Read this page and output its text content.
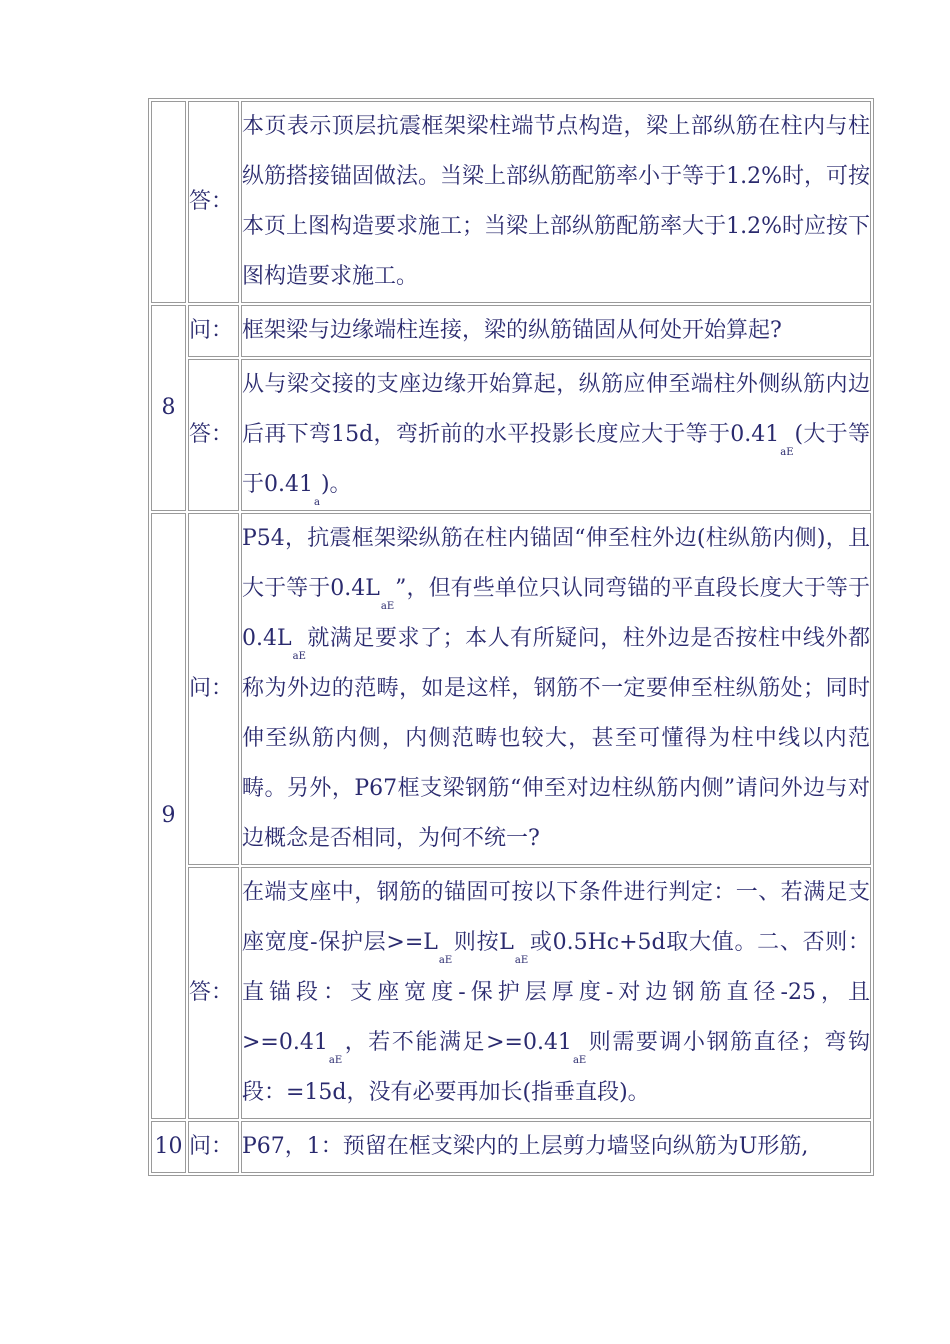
	答：	本页表示顶层抗震框架梁柱端节点构造，梁上部纵筋在柱内与柱纵筋搭接锚固做法。当梁上部纵筋配筋率小于等于1.2%时，可按本页上图构造要求施工；当梁上部纵筋配筋率大于1.2%时应按下图构造要求施工。
8	问：	框架梁与边缘端柱连接，梁的纵筋锚固从何处开始算起?
	答：	从与梁交接的支座边缘开始算起，纵筋应伸至端柱外侧纵筋内边后再下弯15d，弯折前的水平投影长度应大于等于$0.41_{aE}$(大于等于$0.41_a$)。
9	问：	P54，抗震框架梁纵筋在柱内锚固“伸至柱外边(柱纵筋内侧)，且大于等于$0.4L_{aE}$”，但有些单位只认同弯锚的平直段长度大于等于$0.4L_{aE}$就满足要求了；本人有所疑问，柱外边是否按柱中线外都称为外边的范畴，如是这样，钢筋不一定要伸至柱纵筋处；同时伸至纵筋内侧，内侧范畴也较大，甚至可懂得为柱中线以内范畴。另外，P67框支梁钢筋“伸至对边柱纵筋内侧”请问外边与对边概念是否相同，为何不统一?
	答：	在端支座中，钢筋的锚固可按以下条件进行判定：一、若满足支座宽度-保护层$>=L_{aE}$则按$L_{aE}$或0.5Hc+5d取大值。二、否则：直锚段：支座宽度-保护层厚度-对边钢筋直径-25，且$>=0.41_{aE}$，若不能满足$>=0.41_{aE}$则需要调小钢筋直径；弯钩段：=15d，没有必要再加长(指垂直段)。
10	问：	P67，1：预留在框支梁内的上层剪力墙竖向纵筋为U形筋,
